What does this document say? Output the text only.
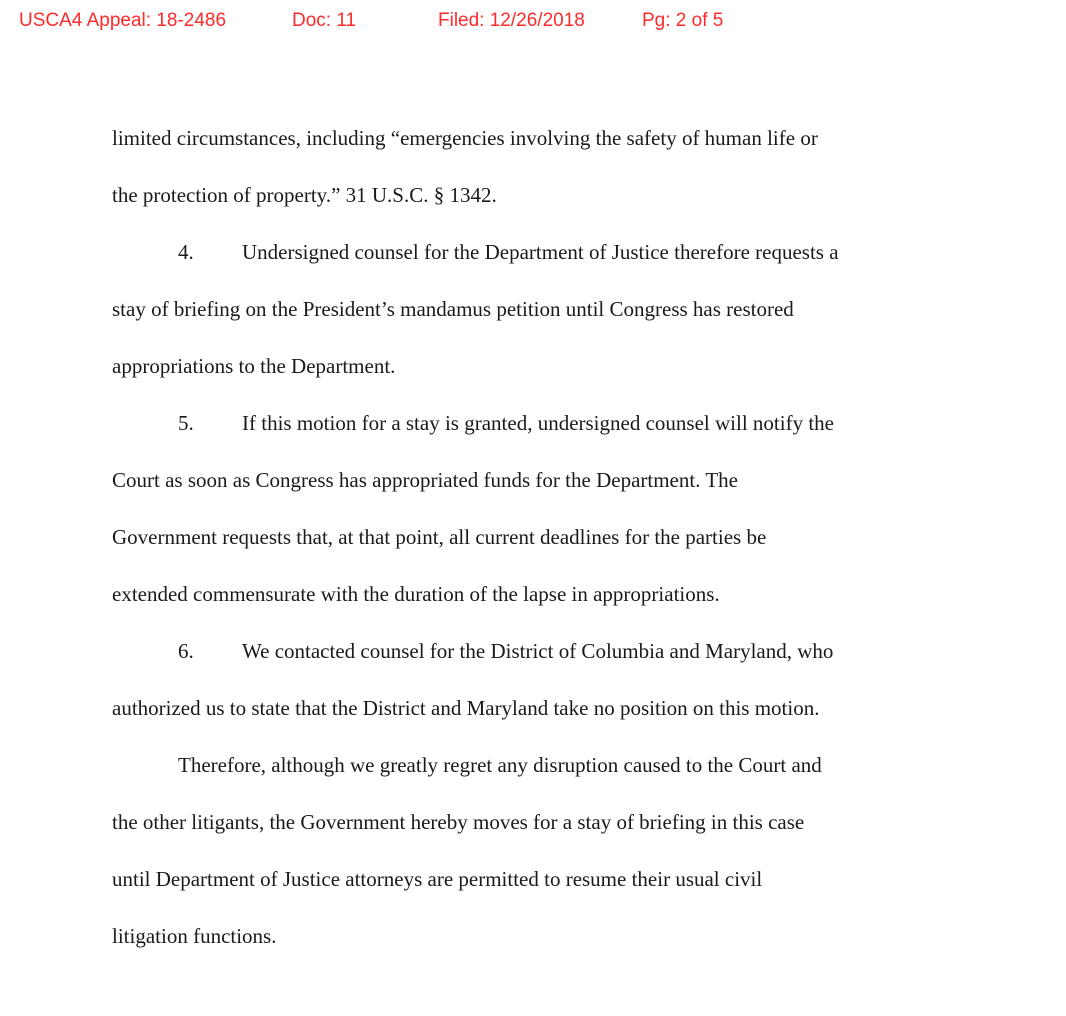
USCA4 Appeal: 18-2486	Doc: 11	Filed: 12/26/2018	Pg: 2 of 5
limited circumstances, including “emergencies involving the safety of human life or
the protection of property.” 31 U.S.C. § 1342.
4. Undersigned counsel for the Department of Justice therefore requests a
stay of briefing on the President’s mandamus petition until Congress has restored
appropriations to the Department.
5. If this motion for a stay is granted, undersigned counsel will notify the
Court as soon as Congress has appropriated funds for the Department. The
Government requests that, at that point, all current deadlines for the parties be
extended commensurate with the duration of the lapse in appropriations.
6. We contacted counsel for the District of Columbia and Maryland, who
authorized us to state that the District and Maryland take no position on this motion.
Therefore, although we greatly regret any disruption caused to the Court and
the other litigants, the Government hereby moves for a stay of briefing in this case
until Department of Justice attorneys are permitted to resume their usual civil
litigation functions.
